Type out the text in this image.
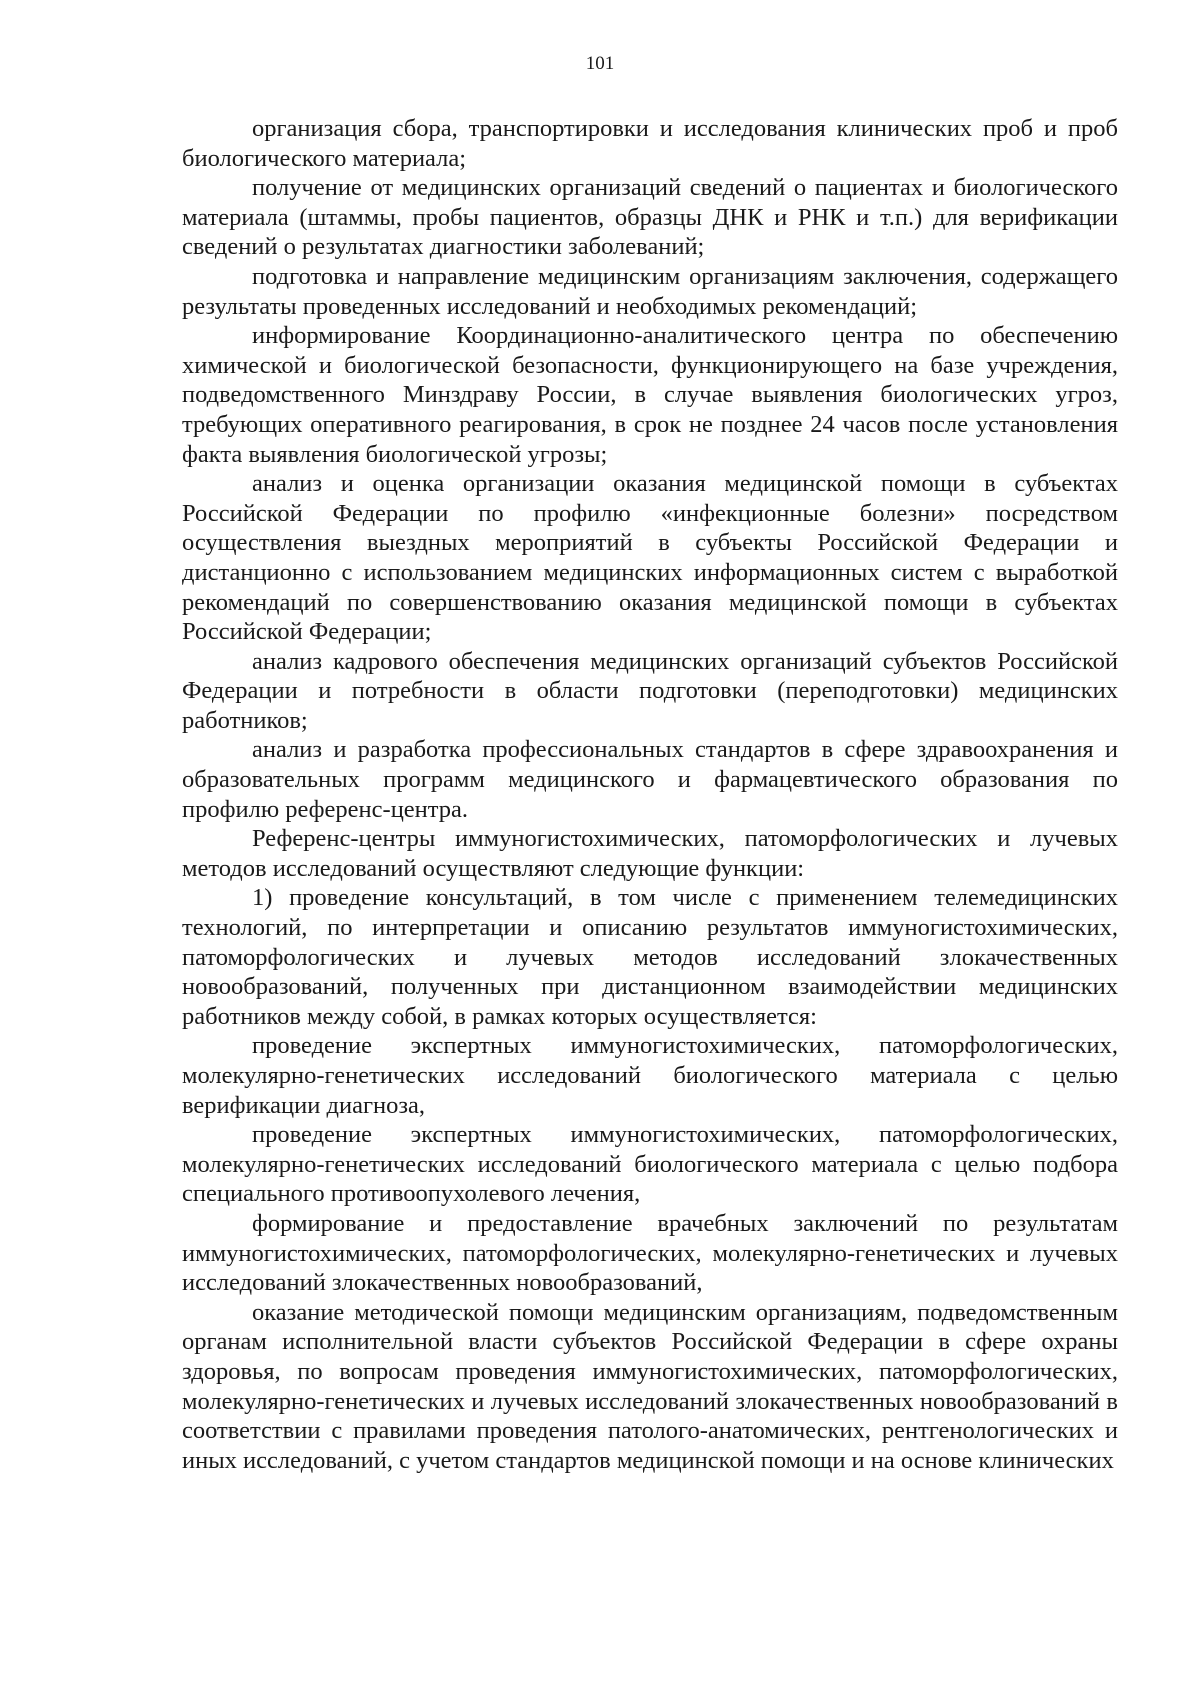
101

организация сбора, транспортировки и исследования клинических проб и проб биологического материала;

получение от медицинских организаций сведений о пациентах и биологического материала (штаммы, пробы пациентов, образцы ДНК и РНК и т.п.) для верификации сведений о результатах диагностики заболеваний;

подготовка и направление медицинским организациям заключения, содержащего результаты проведенных исследований и необходимых рекомендаций;

информирование Координационно-аналитического центра по обеспечению химической и биологической безопасности, функционирующего на базе учреждения, подведомственного Минздраву России, в случае выявления биологических угроз, требующих оперативного реагирования, в срок не позднее 24 часов после установления факта выявления биологической угрозы;

анализ и оценка организации оказания медицинской помощи в субъектах Российской Федерации по профилю «инфекционные болезни» посредством осуществления выездных мероприятий в субъекты Российской Федерации и дистанционно с использованием медицинских информационных систем с выработкой рекомендаций по совершенствованию оказания медицинской помощи в субъектах Российской Федерации;

анализ кадрового обеспечения медицинских организаций субъектов Российской Федерации и потребности в области подготовки (переподготовки) медицинских работников;

анализ и разработка профессиональных стандартов в сфере здравоохранения и образовательных программ медицинского и фармацевтического образования по профилю референс-центра.

Референс-центры иммуногистохимических, патоморфологических и лучевых методов исследований осуществляют следующие функции:

1) проведение консультаций, в том числе с применением телемедицинских технологий, по интерпретации и описанию результатов иммуногистохимических, патоморфологических и лучевых методов исследований злокачественных новообразований, полученных при дистанционном взаимодействии медицинских работников между собой, в рамках которых осуществляется:

проведение экспертных иммуногистохимических, патоморфологических, молекулярно-генетических исследований биологического материала с целью верификации диагноза,

проведение экспертных иммуногистохимических, патоморфологических, молекулярно-генетических исследований биологического материала с целью подбора специального противоопухолевого лечения,

формирование и предоставление врачебных заключений по результатам иммуногистохимических, патоморфологических, молекулярно-генетических и лучевых исследований злокачественных новообразований,

оказание методической помощи медицинским организациям, подведомственным органам исполнительной власти субъектов Российской Федерации в сфере охраны здоровья, по вопросам проведения иммуногистохимических, патоморфологических, молекулярно-генетических и лучевых исследований злокачественных новообразований в соответствии с правилами проведения патолого-анатомических, рентгенологических и иных исследований, с учетом стандартов медицинской помощи и на основе клинических
